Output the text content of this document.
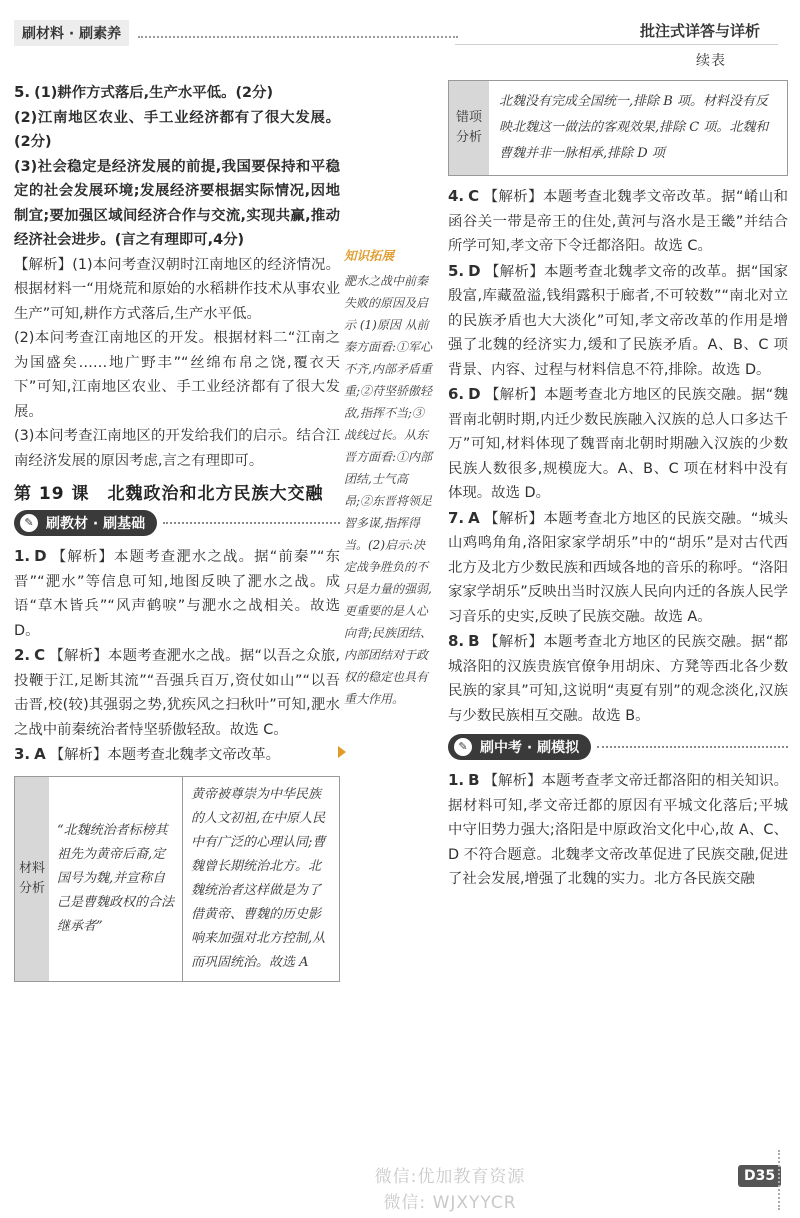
刷材料 · 刷素养	批注式详答与详析
续表
5. (1)耕作方式落后,生产水平低。(2分)
(2)江南地区农业、手工业经济都有了很大发展。(2分)
(3)社会稳定是经济发展的前提,我国要保持和平稳定的社会发展环境;发展经济要根据实际情况,因地制宜;要加强区域间经济合作与交流,实现共赢,推动经济社会进步。(言之有理即可,4分)
【解析】(1)本问考查汉朝时江南地区的经济情况。根据材料一“用烧荒和原始的水稻耕作技术从事农业生产”可知,耕作方式落后,生产水平低。
(2)本问考查江南地区的开发。根据材料二“江南之为国盛矣……地广野丰”“丝绵布帛之饶,覆衣天下”可知,江南地区农业、手工业经济都有了很大发展。
(3)本问考查江南地区的开发给我们的启示。结合江南经济发展的原因考虑,言之有理即可。
第 19 课　北魏政治和北方民族大交融
✎ 刷教材 · 刷基础
1. D 【解析】本题考查淝水之战。据“前秦”“东晋”“淝水”等信息可知,地图反映了淝水之战。成语“草木皆兵”“风声鹤唳”与淝水之战相关。故选 D。
2. C 【解析】本题考查淝水之战。据“以吾之众旅,投鞭于江,足断其流”“吾强兵百万,资仗如山”“以吾击晋,校(较)其强弱之势,犹疾风之扫秋叶”可知,淝水之战中前秦统治者恃坚骄傲轻敌。故选 C。
3. A 【解析】本题考查北魏孝文帝改革。
材料分析
“北魏统治者标榜其祖先为黄帝后裔,定国号为魏,并宣称自己是曹魏政权的合法继承者”
黄帝被尊崇为中华民族的人文初祖,在中原人民中有广泛的心理认同;曹魏曾长期统治北方。北魏统治者这样做是为了借黄帝、曹魏的历史影响来加强对北方控制,从而巩固统治。故选 A
知识拓展
淝水之战中前秦失败的原因及启示 (1)原因 从前秦方面看:①军心不齐,内部矛盾重重;②苻坚骄傲轻敌,指挥不当;③战线过长。从东晋方面看:①内部团结,士气高昂;②东晋将领足智多谋,指挥得当。(2)启示:决定战争胜负的不只是力量的强弱,更重要的是人心向背;民族团结、内部团结对于政权的稳定也具有重大作用。
错项分析
北魏没有完成全国统一,排除 B 项。材料没有反映北魏这一做法的客观效果,排除 C 项。北魏和曹魏并非一脉相承,排除 D 项
4. C 【解析】本题考查北魏孝文帝改革。据“崤山和函谷关一带是帝王的住处,黄河与洛水是王畿”并结合所学可知,孝文帝下令迁都洛阳。故选 C。
5. D 【解析】本题考查北魏孝文帝的改革。据“国家殷富,库藏盈溢,钱绢露积于廊者,不可较数”“南北对立的民族矛盾也大大淡化”可知,孝文帝改革的作用是增强了北魏的经济实力,缓和了民族矛盾。A、B、C 项背景、内容、过程与材料信息不符,排除。故选 D。
6. D 【解析】本题考查北方地区的民族交融。据“魏晋南北朝时期,内迁少数民族融入汉族的总人口多达千万”可知,材料体现了魏晋南北朝时期融入汉族的少数民族人数很多,规模庞大。A、B、C 项在材料中没有体现。故选 D。
7. A 【解析】本题考查北方地区的民族交融。“城头山鸡鸣角角,洛阳家家学胡乐”中的“胡乐”是对古代西北方及北方少数民族和西域各地的音乐的称呼。“洛阳家家学胡乐”反映出当时汉族人民向内迁的各族人民学习音乐的史实,反映了民族交融。故选 A。
8. B 【解析】本题考查北方地区的民族交融。据“都城洛阳的汉族贵族官僚争用胡床、方凳等西北各少数民族的家具”可知,这说明“夷夏有别”的观念淡化,汉族与少数民族相互交融。故选 B。
✎ 刷中考 · 刷模拟
1. B 【解析】本题考查孝文帝迁都洛阳的相关知识。据材料可知,孝文帝迁都的原因有平城文化落后;平城中守旧势力强大;洛阳是中原政治文化中心,故 A、C、D 不符合题意。北魏孝文帝改革促进了民族交融,促进了社会发展,增强了北魏的实力。北方各民族交融
D35
微信:优加教育资源
微信: WJXYYCR
